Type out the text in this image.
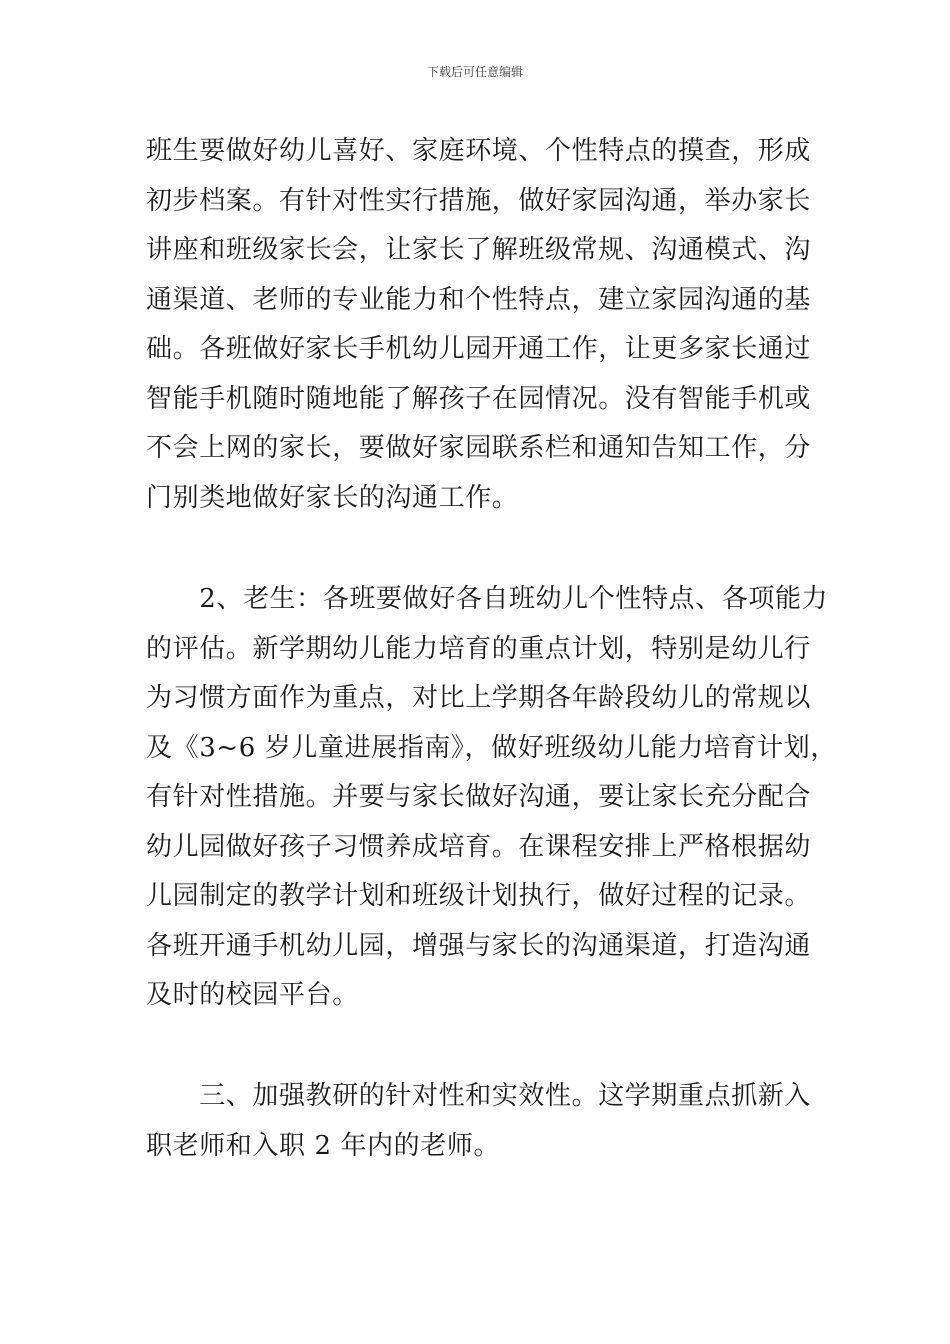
下载后可任意编辑

班生要做好幼儿喜好、家庭环境、个性特点的摸查，形成
初步档案。有针对性实行措施，做好家园沟通，举办家长
讲座和班级家长会，让家长了解班级常规、沟通模式、沟
通渠道、老师的专业能力和个性特点，建立家园沟通的基
础。各班做好家长手机幼儿园开通工作，让更多家长通过
智能手机随时随地能了解孩子在园情况。没有智能手机或
不会上网的家长，要做好家园联系栏和通知告知工作，分
门别类地做好家长的沟通工作。

　　2、老生：各班要做好各自班幼儿个性特点、各项能力
的评估。新学期幼儿能力培育的重点计划，特别是幼儿行
为习惯方面作为重点，对比上学期各年龄段幼儿的常规以
及《3~6 岁儿童进展指南》，做好班级幼儿能力培育计划，
有针对性措施。并要与家长做好沟通，要让家长充分配合
幼儿园做好孩子习惯养成培育。在课程安排上严格根据幼
儿园制定的教学计划和班级计划执行，做好过程的记录。
各班开通手机幼儿园，增强与家长的沟通渠道，打造沟通
及时的校园平台。

　　三、加强教研的针对性和实效性。这学期重点抓新入
职老师和入职 2 年内的老师。
